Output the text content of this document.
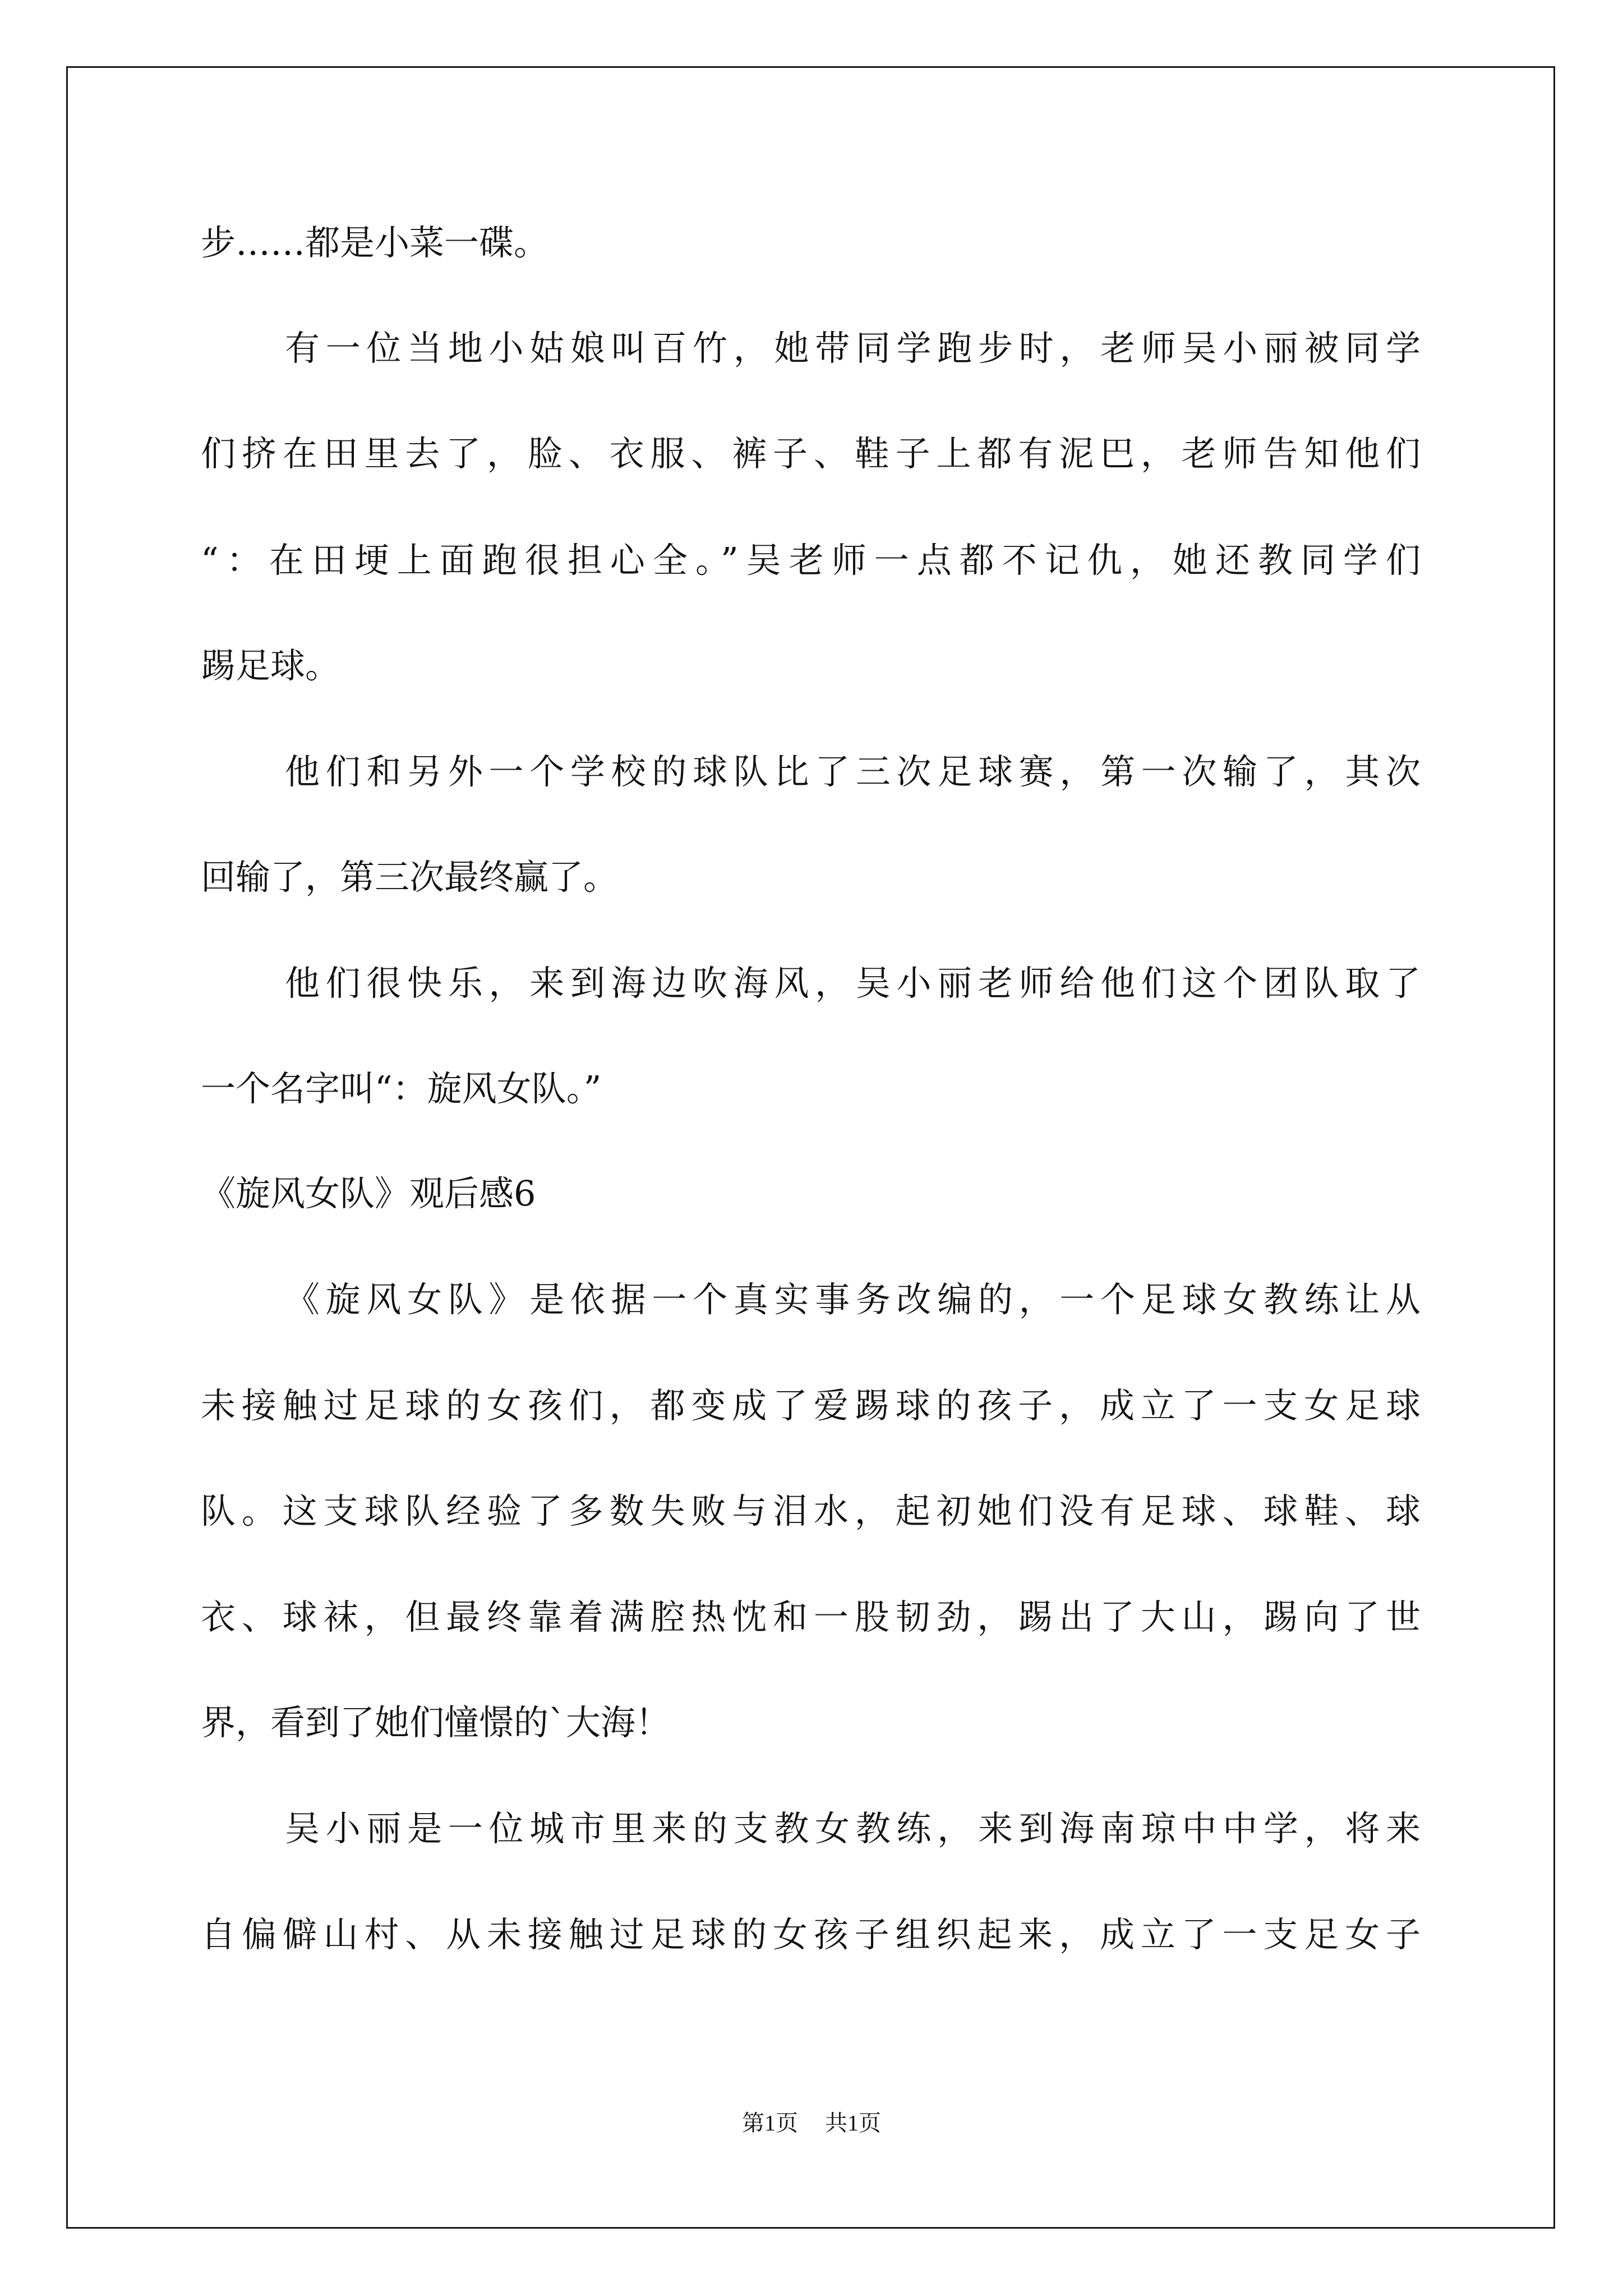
步……都是小菜一碟。
有一位当地小姑娘叫百竹，她带同学跑步时，老师吴小丽被同学
们挤在田里去了，脸、衣服、裤子、鞋子上都有泥巴，老师告知他们
“：在田埂上面跑很担心全。”吴老师一点都不记仇，她还教同学们
踢足球。
他们和另外一个学校的球队比了三次足球赛，第一次输了，其次
回输了，第三次最终赢了。
他们很快乐，来到海边吹海风，吴小丽老师给他们这个团队取了
一个名字叫“：旋风女队。”
《旋风女队》观后感6
《旋风女队》是依据一个真实事务改编的，一个足球女教练让从
未接触过足球的女孩们，都变成了爱踢球的孩子，成立了一支女足球
队。这支球队经验了多数失败与泪水，起初她们没有足球、球鞋、球
衣、球袜，但最终靠着满腔热忱和一股韧劲，踢出了大山，踢向了世
界，看到了她们憧憬的`大海！
吴小丽是一位城市里来的支教女教练，来到海南琼中中学，将来
自偏僻山村、从未接触过足球的女孩子组织起来，成立了一支足女子
第1页 共1页
